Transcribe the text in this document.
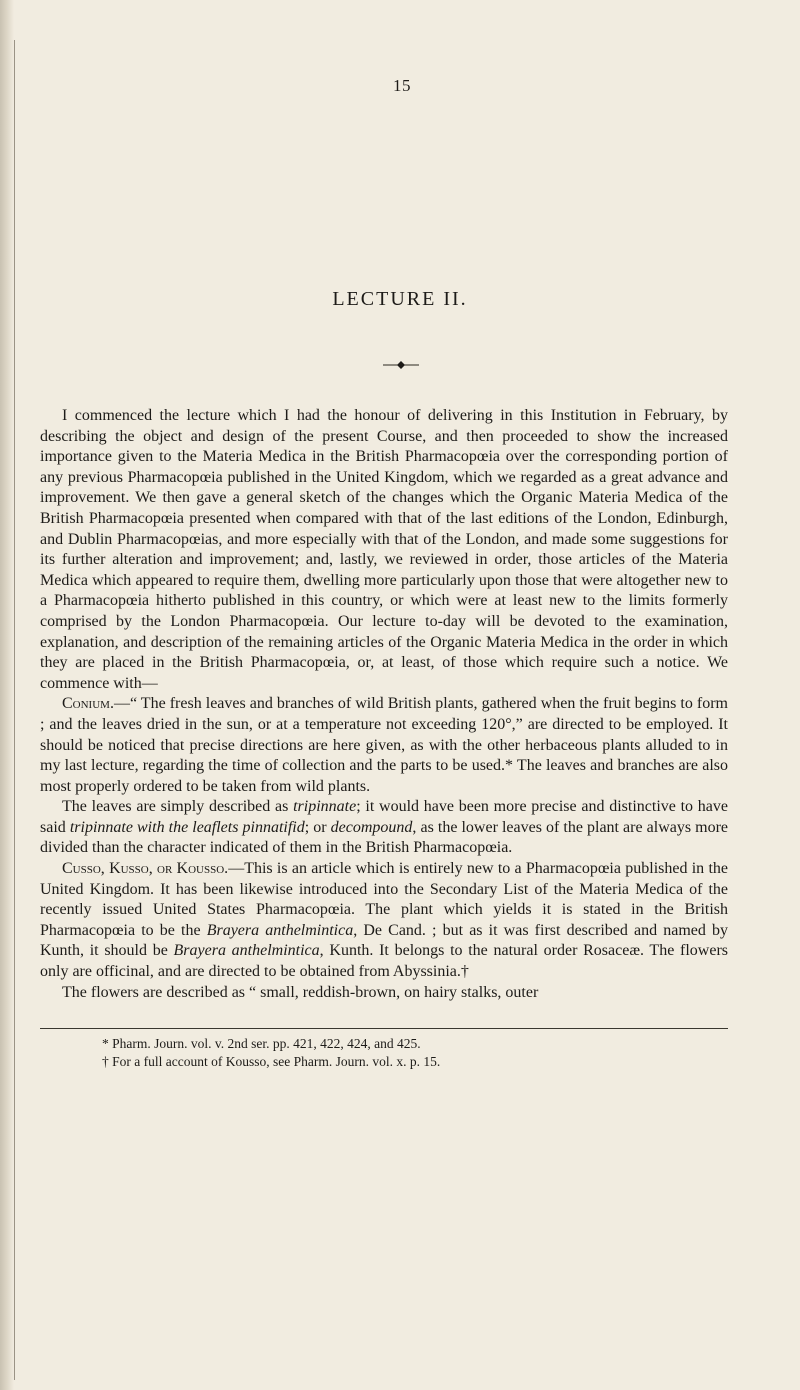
15
LECTURE II.

I commenced the lecture which I had the honour of delivering in this Institution in February, by describing the object and design of the present Course, and then proceeded to show the increased importance given to the Materia Medica in the British Pharmacopœia over the corresponding portion of any previous Pharmacopœia published in the United Kingdom, which we regarded as a great advance and improvement. We then gave a general sketch of the changes which the Organic Materia Medica of the British Pharmacopœia presented when compared with that of the last editions of the London, Edinburgh, and Dublin Pharmacopœias, and more especially with that of the London, and made some suggestions for its further alteration and improvement; and, lastly, we reviewed in order, those articles of the Materia Medica which appeared to require them, dwelling more particularly upon those that were altogether new to a Pharmacopœia hitherto published in this country, or which were at least new to the limits formerly comprised by the London Pharmacopœia. Our lecture to-day will be devoted to the examination, explanation, and description of the remaining articles of the Organic Materia Medica in the order in which they are placed in the British Pharmacopœia, or, at least, of those which require such a notice. We commence with—

Conium.—“ The fresh leaves and branches of wild British plants, gathered when the fruit begins to form ; and the leaves dried in the sun, or at a temperature not exceeding 120°,” are directed to be employed. It should be noticed that precise directions are here given, as with the other herbaceous plants alluded to in my last lecture, regarding the time of collection and the parts to be used.* The leaves and branches are also most properly ordered to be taken from wild plants.

The leaves are simply described as tripinnate; it would have been more precise and distinctive to have said tripinnate with the leaflets pinnatifid; or decompound, as the lower leaves of the plant are always more divided than the character indicated of them in the British Pharmacopœia.

Cusso, Kusso, or Kousso.—This is an article which is entirely new to a Pharmacopœia published in the United Kingdom. It has been likewise introduced into the Secondary List of the Materia Medica of the recently issued United States Pharmacopœia. The plant which yields it is stated in the British Pharmacopœia to be the Brayera anthelmintica, De Cand. ; but as it was first described and named by Kunth, it should be Brayera anthelmintica, Kunth. It belongs to the natural order Rosaceæ. The flowers only are officinal, and are directed to be obtained from Abyssinia.†

The flowers are described as “ small, reddish-brown, on hairy stalks, outer

* Pharm. Journ. vol. v. 2nd ser. pp. 421, 422, 424, and 425.
† For a full account of Kousso, see Pharm. Journ. vol. x. p. 15.
